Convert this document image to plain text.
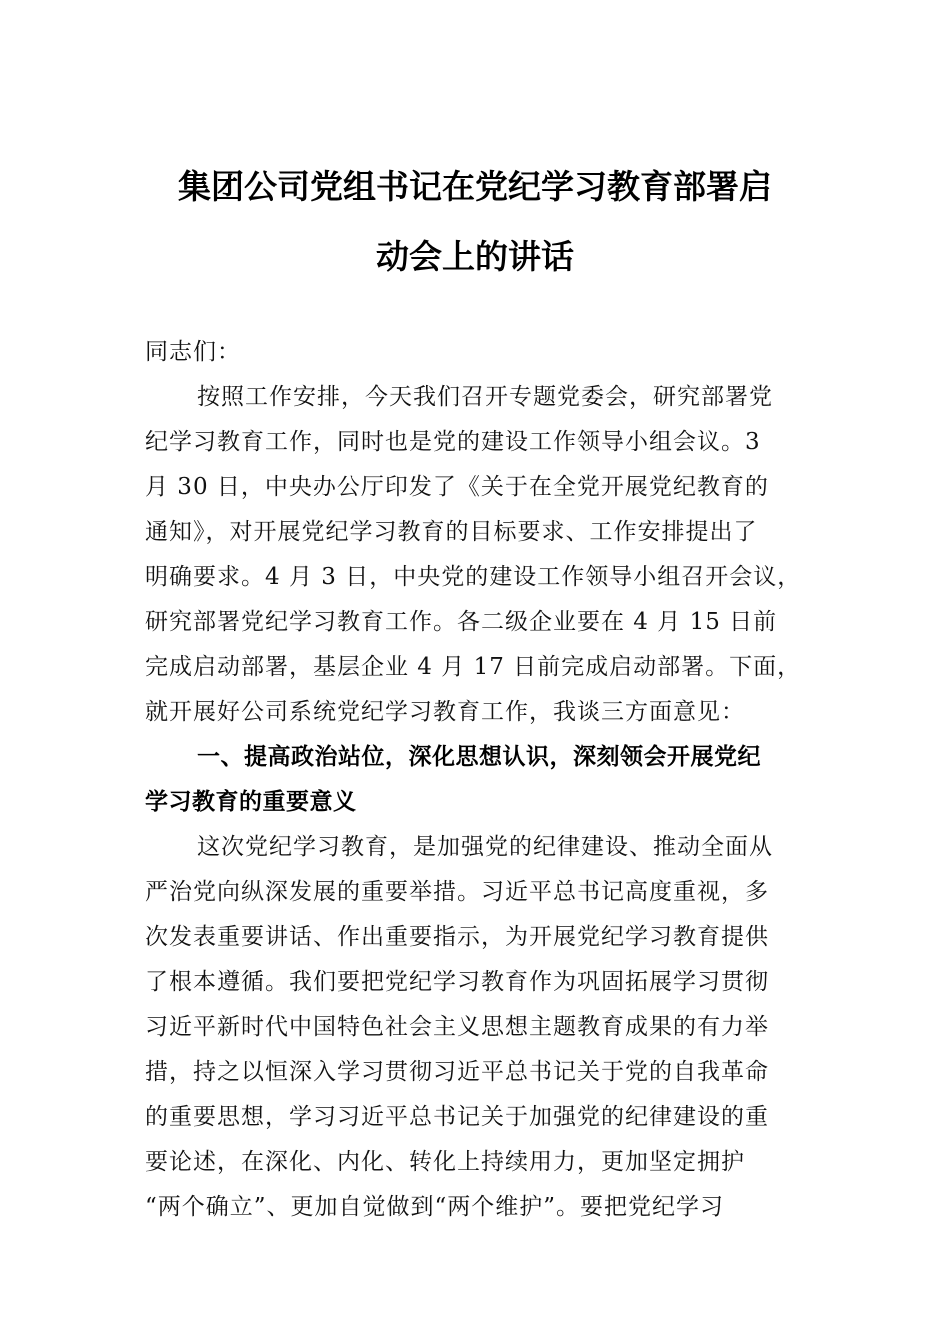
集团公司党组书记在党纪学习教育部署启
动会上的讲话
同志们：
按照工作安排，今天我们召开专题党委会，研究部署党
纪学习教育工作，同时也是党的建设工作领导小组会议。3
月 30 日，中央办公厅印发了《关于在全党开展党纪教育的
通知》，对开展党纪学习教育的目标要求、工作安排提出了
明确要求。4 月 3 日，中央党的建设工作领导小组召开会议，
研究部署党纪学习教育工作。各二级企业要在 4 月 15 日前
完成启动部署，基层企业 4 月 17 日前完成启动部署。下面，
就开展好公司系统党纪学习教育工作，我谈三方面意见：
一、提高政治站位，深化思想认识，深刻领会开展党纪
学习教育的重要意义
这次党纪学习教育，是加强党的纪律建设、推动全面从
严治党向纵深发展的重要举措。习近平总书记高度重视，多
次发表重要讲话、作出重要指示，为开展党纪学习教育提供
了根本遵循。我们要把党纪学习教育作为巩固拓展学习贯彻
习近平新时代中国特色社会主义思想主题教育成果的有力举
措，持之以恒深入学习贯彻习近平总书记关于党的自我革命
的重要思想，学习习近平总书记关于加强党的纪律建设的重
要论述，在深化、内化、转化上持续用力，更加坚定拥护
“两个确立”、更加自觉做到“两个维护”。要把党纪学习
